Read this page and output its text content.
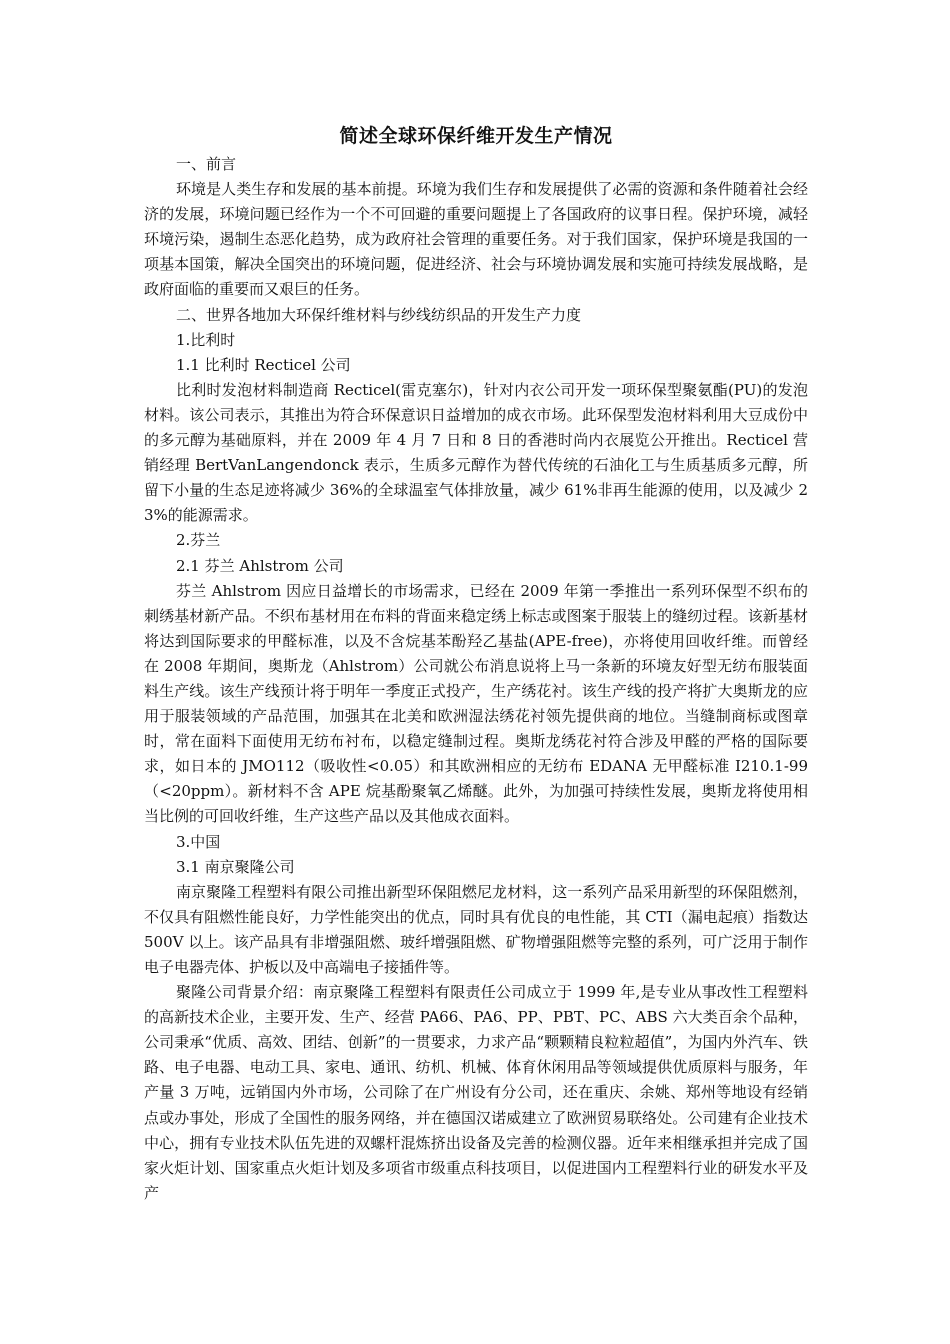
简述全球环保纤维开发生产情况

一、前言

环境是人类生存和发展的基本前提。环境为我们生存和发展提供了必需的资源和条件随着社会经济的发展，环境问题已经作为一个不可回避的重要问题提上了各国政府的议事日程。保护环境，减轻环境污染，遏制生态恶化趋势，成为政府社会管理的重要任务。对于我们国家，保护环境是我国的一项基本国策，解决全国突出的环境问题，促进经济、社会与环境协调发展和实施可持续发展战略，是政府面临的重要而又艰巨的任务。

二、世界各地加大环保纤维材料与纱线纺织品的开发生产力度

1.比利时

1.1 比利时 Recticel 公司

比利时发泡材料制造商 Recticel(雷克塞尔)，针对内衣公司开发一项环保型聚氨酯(PU)的发泡材料。该公司表示，其推出为符合环保意识日益增加的成衣市场。此环保型发泡材料利用大豆成份中的多元醇为基础原料，并在 2009 年 4 月 7 日和 8 日的香港时尚内衣展览公开推出。Recticel 营销经理 BertVanLangendonck 表示，生质多元醇作为替代传统的石油化工与生质基质多元醇，所留下小量的生态足迹将减少 36%的全球温室气体排放量，减少 61%非再生能源的使用，以及减少 23%的能源需求。

2.芬兰

2.1 芬兰 Ahlstrom 公司

芬兰 Ahlstrom 因应日益增长的市场需求，已经在 2009 年第一季推出一系列环保型不织布的刺绣基材新产品。不织布基材用在布料的背面来稳定绣上标志或图案于服装上的缝纫过程。该新基材将达到国际要求的甲醛标准，以及不含烷基苯酚羟乙基盐(APE-free)，亦将使用回收纤维。而曾经在 2008 年期间，奥斯龙（Ahlstrom）公司就公布消息说将上马一条新的环境友好型无纺布服装面料生产线。该生产线预计将于明年一季度正式投产，生产绣花衬。该生产线的投产将扩大奥斯龙的应用于服装领域的产品范围，加强其在北美和欧洲湿法绣花衬领先提供商的地位。当缝制商标或图章时，常在面料下面使用无纺布衬布，以稳定缝制过程。奥斯龙绣花衬符合涉及甲醛的严格的国际要求，如日本的 JMO112（吸收性<0.05）和其欧洲相应的无纺布 EDANA 无甲醛标准 I210.1-99（<20ppm）。新材料不含 APE 烷基酚聚氧乙烯醚。此外，为加强可持续性发展，奥斯龙将使用相当比例的可回收纤维，生产这些产品以及其他成衣面料。

3.中国

3.1 南京聚隆公司

南京聚隆工程塑料有限公司推出新型环保阻燃尼龙材料，这一系列产品采用新型的环保阻燃剂，不仅具有阻燃性能良好，力学性能突出的优点，同时具有优良的电性能，其 CTI（漏电起痕）指数达 500V 以上。该产品具有非增强阻燃、玻纤增强阻燃、矿物增强阻燃等完整的系列，可广泛用于制作电子电器壳体、护板以及中高端电子接插件等。

聚隆公司背景介绍：南京聚隆工程塑料有限责任公司成立于 1999 年,是专业从事改性工程塑料的高新技术企业，主要开发、生产、经营 PA66、PA6、PP、PBT、PC、ABS 六大类百余个品种，公司秉承“优质、高效、团结、创新”的一贯要求，力求产品“颗颗精良粒粒超值”，为国内外汽车、铁路、电子电器、电动工具、家电、通讯、纺机、机械、体育休闲用品等领域提供优质原料与服务，年产量 3 万吨，远销国内外市场，公司除了在广州设有分公司，还在重庆、余姚、郑州等地设有经销点或办事处，形成了全国性的服务网络，并在德国汉诺威建立了欧洲贸易联络处。公司建有企业技术中心，拥有专业技术队伍先进的双螺杆混炼挤出设备及完善的检测仪器。近年来相继承担并完成了国家火炬计划、国家重点火炬计划及多项省市级重点科技项目，以促进国内工程塑料行业的研发水平及产
